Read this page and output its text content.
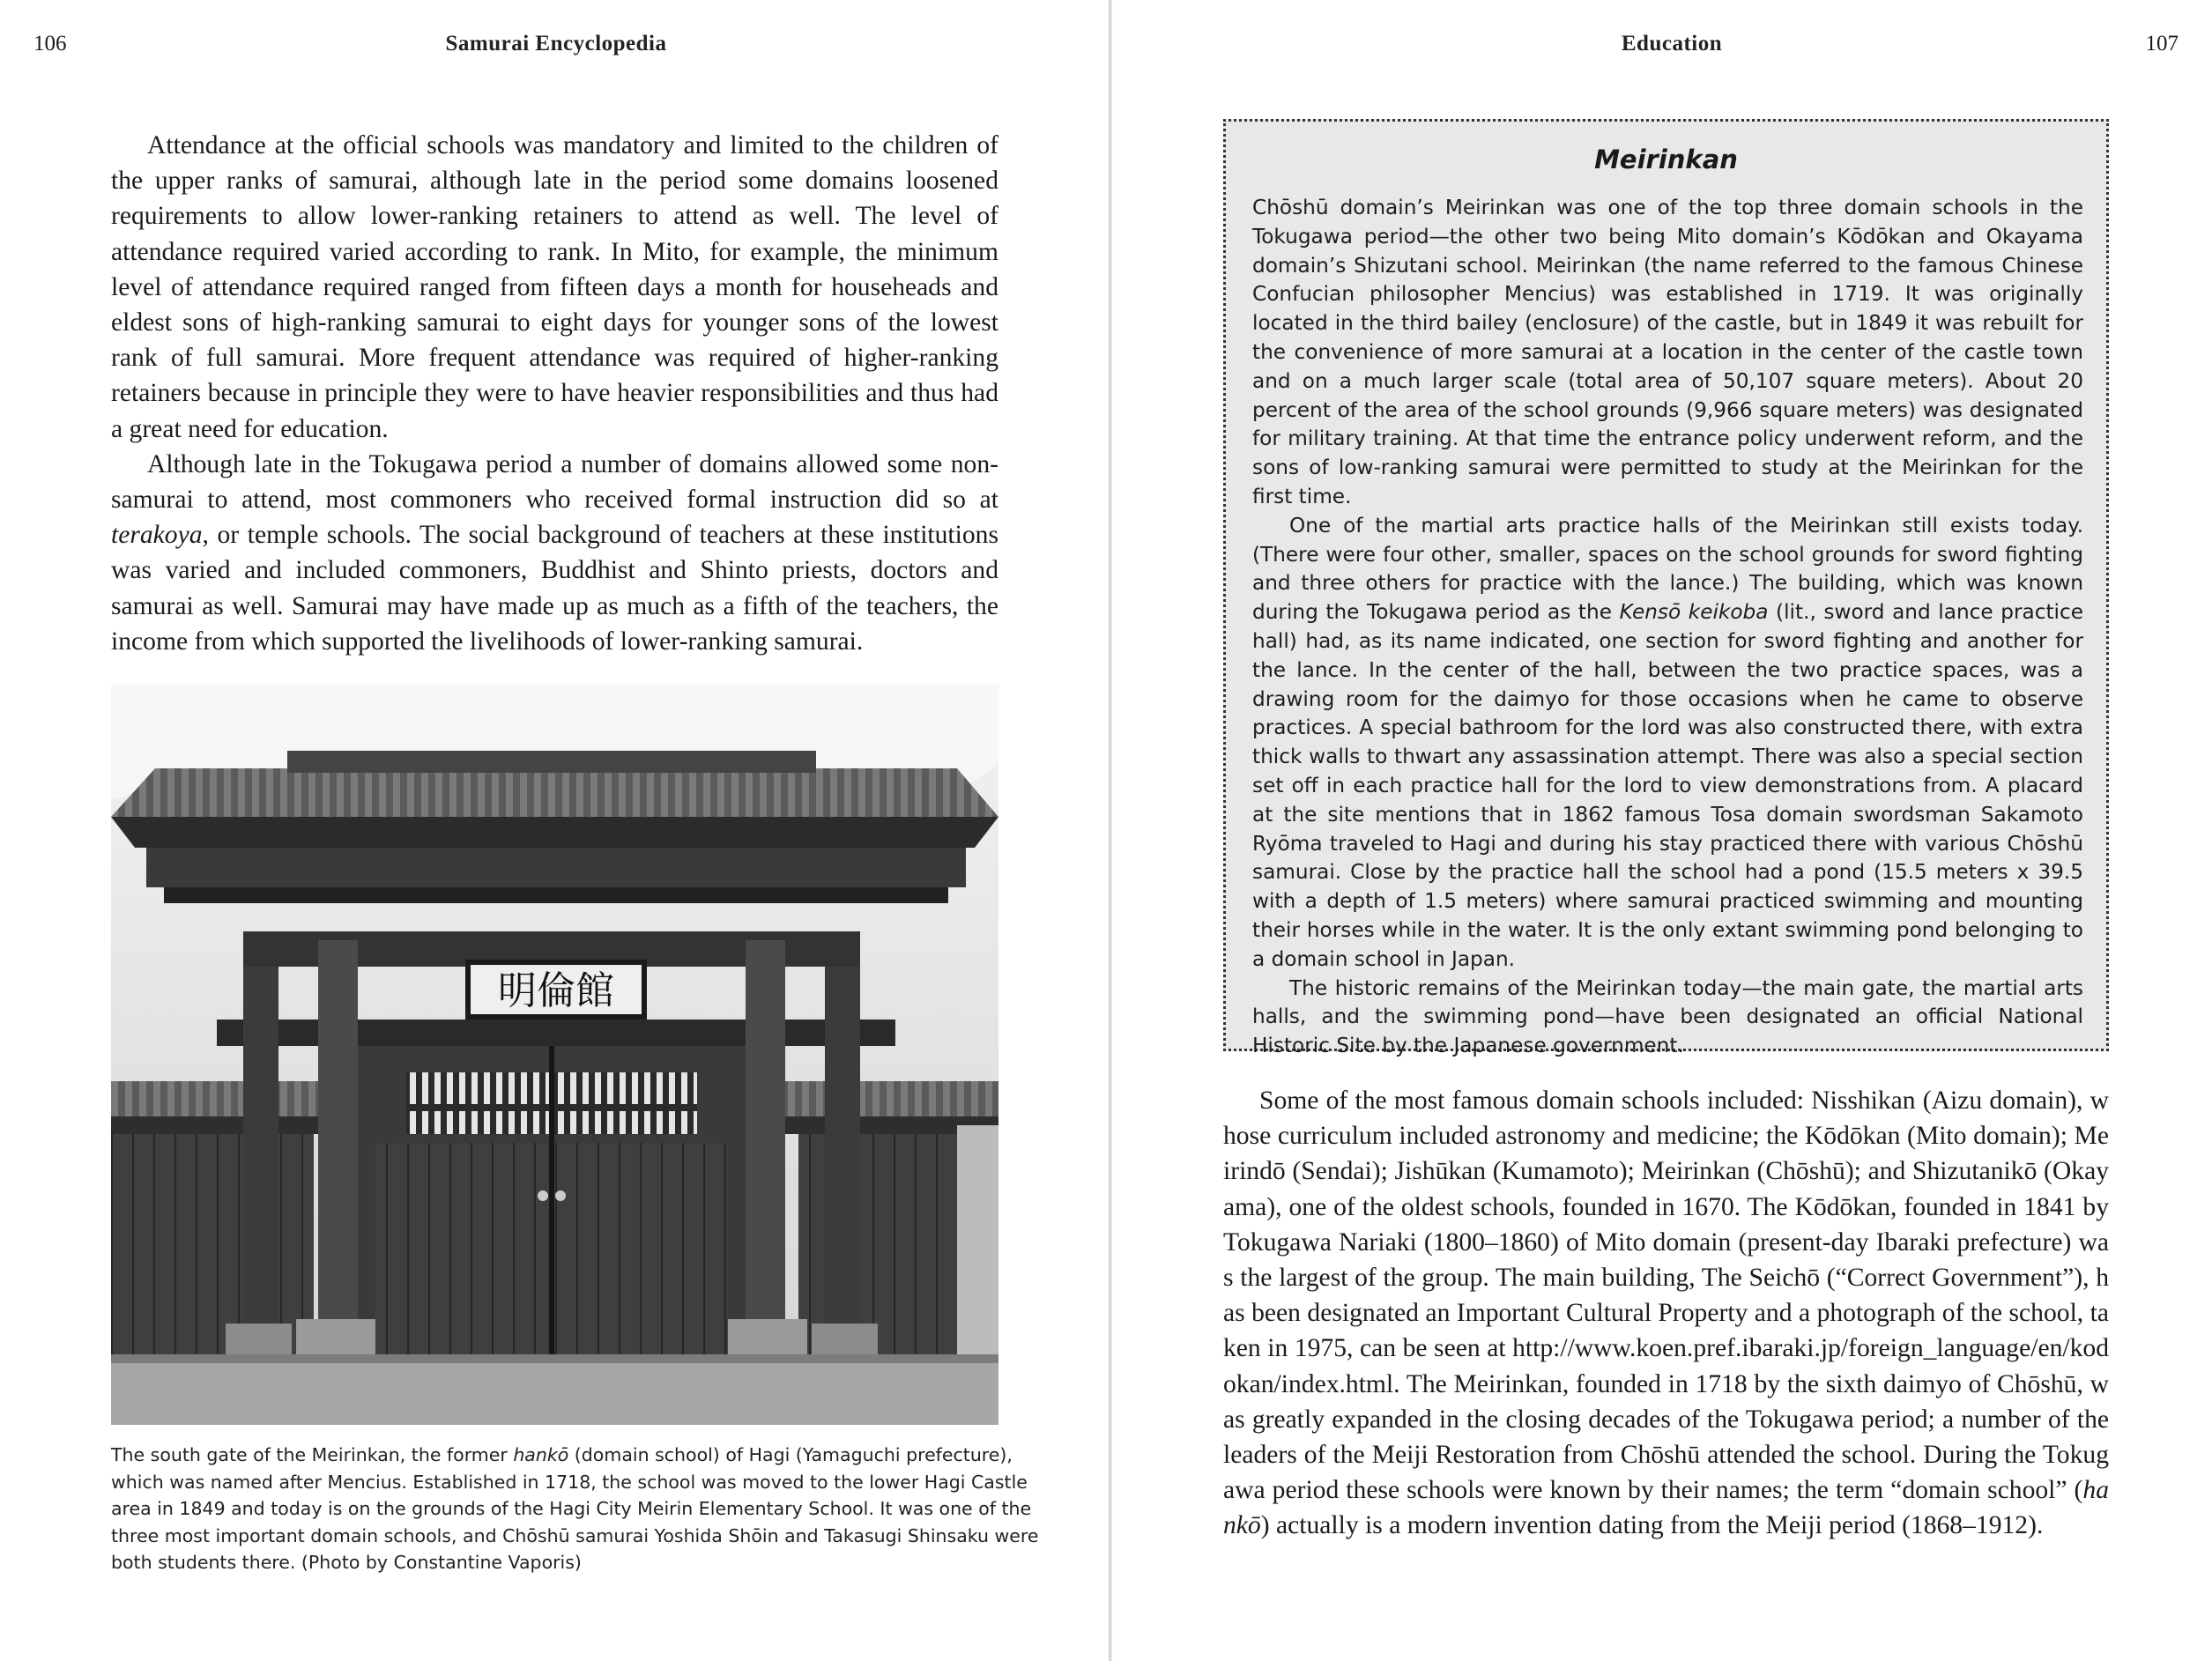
106	Samurai Encyclopedia

Attendance at the official schools was mandatory and limited to the children of the upper ranks of samurai, although late in the period some domains loosened requirements to allow lower-ranking retainers to attend as well. The level of attendance required varied according to rank. In Mito, for example, the minimum level of attendance required ranged from fifteen days a month for househeads and eldest sons of high-ranking samurai to eight days for younger sons of the lowest rank of full samurai. More frequent attendance was required of higher-ranking retainers because in principle they were to have heavier responsibilities and thus had a great need for education.

Although late in the Tokugawa period a number of domains allowed some non-samurai to attend, most commoners who received formal instruction did so at terakoya, or temple schools. The social background of teachers at these institutions was varied and included commoners, Buddhist and Shinto priests, doctors and samurai as well. Samurai may have made up as much as a fifth of the teachers, the income from which supported the livelihoods of lower-ranking samurai.

明倫館
The south gate of the Meirinkan, the former hankō (domain school) of Hagi (Yamaguchi prefecture),
which was named after Mencius. Established in 1718, the school was moved to the lower Hagi Castle
area in 1849 and today is on the grounds of the Hagi City Meirin Elementary School. It was one of the
three most important domain schools, and Chōshū samurai Yoshida Shōin and Takasugi Shinsaku were
both students there. (Photo by Constantine Vaporis)
Education	107
Meirinkan

Chōshū domain’s Meirinkan was one of the top three domain schools in the Tokugawa period—the other two being Mito domain’s Kōdōkan and Okayama domain’s Shizutani school. Meirinkan (the name referred to the famous Chinese Confucian philosopher Mencius) was established in 1719. It was originally located in the third bailey (enclosure) of the castle, but in 1849 it was rebuilt for the convenience of more samurai at a location in the center of the castle town and on a much larger scale (total area of 50,107 square meters). About 20 percent of the area of the school grounds (9,966 square meters) was designated for military training. At that time the entrance policy underwent reform, and the sons of low-ranking samurai were permitted to study at the Meirinkan for the first time.

One of the martial arts practice halls of the Meirinkan still exists today. (There were four other, smaller, spaces on the school grounds for sword fighting and three others for practice with the lance.) The building, which was known during the Tokugawa period as the Kensō keikoba (lit., sword and lance practice hall) had, as its name indicated, one section for sword fighting and another for the lance. In the center of the hall, between the two practice spaces, was a drawing room for the daimyo for those occasions when he came to observe practices. A special bathroom for the lord was also constructed there, with extra thick walls to thwart any assassination attempt. There was also a special section set off in each practice hall for the lord to view demonstrations from. A placard at the site mentions that in 1862 famous Tosa domain swordsman Sakamoto Ryōma traveled to Hagi and during his stay practiced there with various Chōshū samurai. Close by the practice hall the school had a pond (15.5 meters x 39.5 with a depth of 1.5 meters) where samurai practiced swimming and mounting their horses while in the water. It is the only extant swimming pond belonging to a domain school in Japan.

The historic remains of the Meirinkan today—the main gate, the martial arts halls, and the swimming pond—have been designated an official National Historic Site by the Japanese government.

Some of the most famous domain schools included: Nisshikan (Aizu domain), whose curriculum included astronomy and medicine; the Kōdōkan (Mito domain); Meirindō (Sendai); Jishūkan (Kumamoto); Meirinkan (Chōshū); and Shizutanikō (Okayama), one of the oldest schools, founded in 1670. The Kōdōkan, founded in 1841 by Tokugawa Nariaki (1800–1860) of Mito domain (present-day Ibaraki prefecture) was the largest of the group. The main building, The Seichō (“Correct Government”), has been designated an Important Cultural Property and a photograph of the school, taken in 1975, can be seen at http://www.koen.pref.ibaraki.jp/foreign_language/en/kodokan/index.html. The Meirinkan, founded in 1718 by the sixth daimyo of Chōshū, was greatly expanded in the closing decades of the Tokugawa period; a number of the leaders of the Meiji Restoration from Chōshū attended the school. During the Tokugawa period these schools were known by their names; the term “domain school” (hankō) actually is a modern invention dating from the Meiji period (1868–1912).
